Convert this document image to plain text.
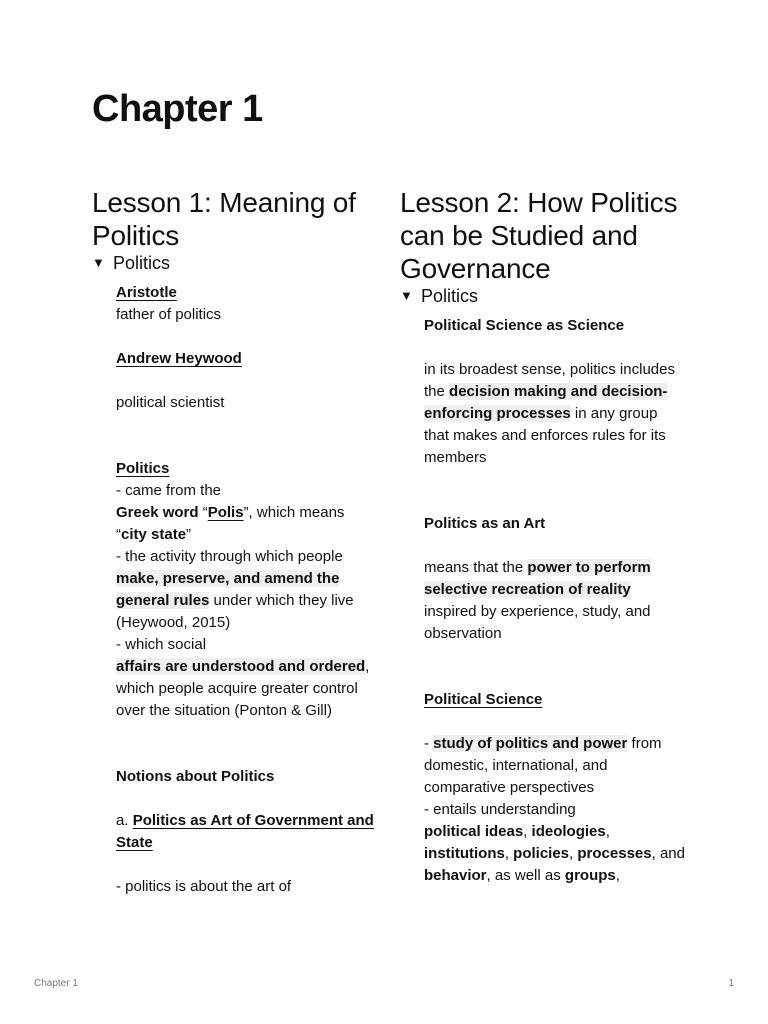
Chapter 1
Lesson 1: Meaning of Politics
▼ Politics

Aristotle

father of politics

Andrew Heywood

political scientist

Politics

- came from the

Greek word “Polis”, which means

“city state”

- the activity through which people

make, preserve, and amend the general rules under which they live (Heywood, 2015)

- which social

affairs are understood and ordered, which people acquire greater control over the situation (Ponton & Gill)

Notions about Politics

a. Politics as Art of Government and State

- politics is about the art of

Lesson 2: How Politics can be Studied and Governance
▼ Politics

Political Science as Science

in its broadest sense, politics includes the decision making and decision-enforcing processes in any group that makes and enforces rules for its members

Politics as an Art

means that the power to perform selective recreation of reality inspired by experience, study, and observation

Political Science

- study of politics and power from domestic, international, and comparative perspectives

- entails understanding

political ideas, ideologies, institutions, policies, processes, and behavior, as well as groups,

Chapter 1	1
